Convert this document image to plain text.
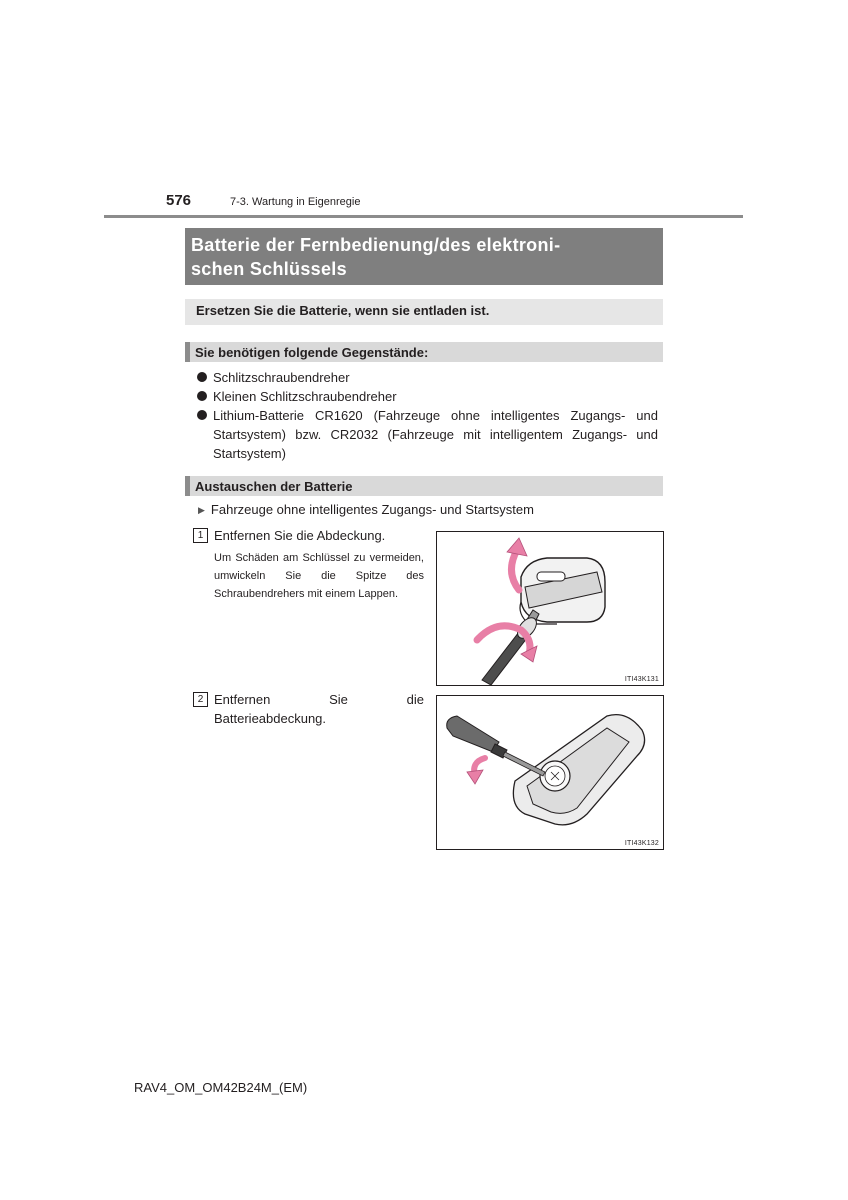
576	7-3. Wartung in Eigenregie
Batterie der Fernbedienung/des elektroni-
schen Schlüssels
Ersetzen Sie die Batterie, wenn sie entladen ist.
Sie benötigen folgende Gegenstände:
Schlitzschraubendreher
Kleinen Schlitzschraubendreher
Lithium-Batterie CR1620 (Fahrzeuge ohne intelligentes Zugangs- und Startsystem) bzw. CR2032 (Fahrzeuge mit intelligentem Zugangs- und Startsystem)
Austauschen der Batterie
▶ Fahrzeuge ohne intelligentes Zugangs- und Startsystem
1 Entfernen Sie die Abdeckung.
Um Schäden am Schlüssel zu vermeiden, umwickeln Sie die Spitze des Schraubendrehers mit einem Lappen.
ITI43K131
2 Entfernen Sie die Batterieabdeckung.
ITI43K132
RAV4_OM_OM42B24M_(EM)
